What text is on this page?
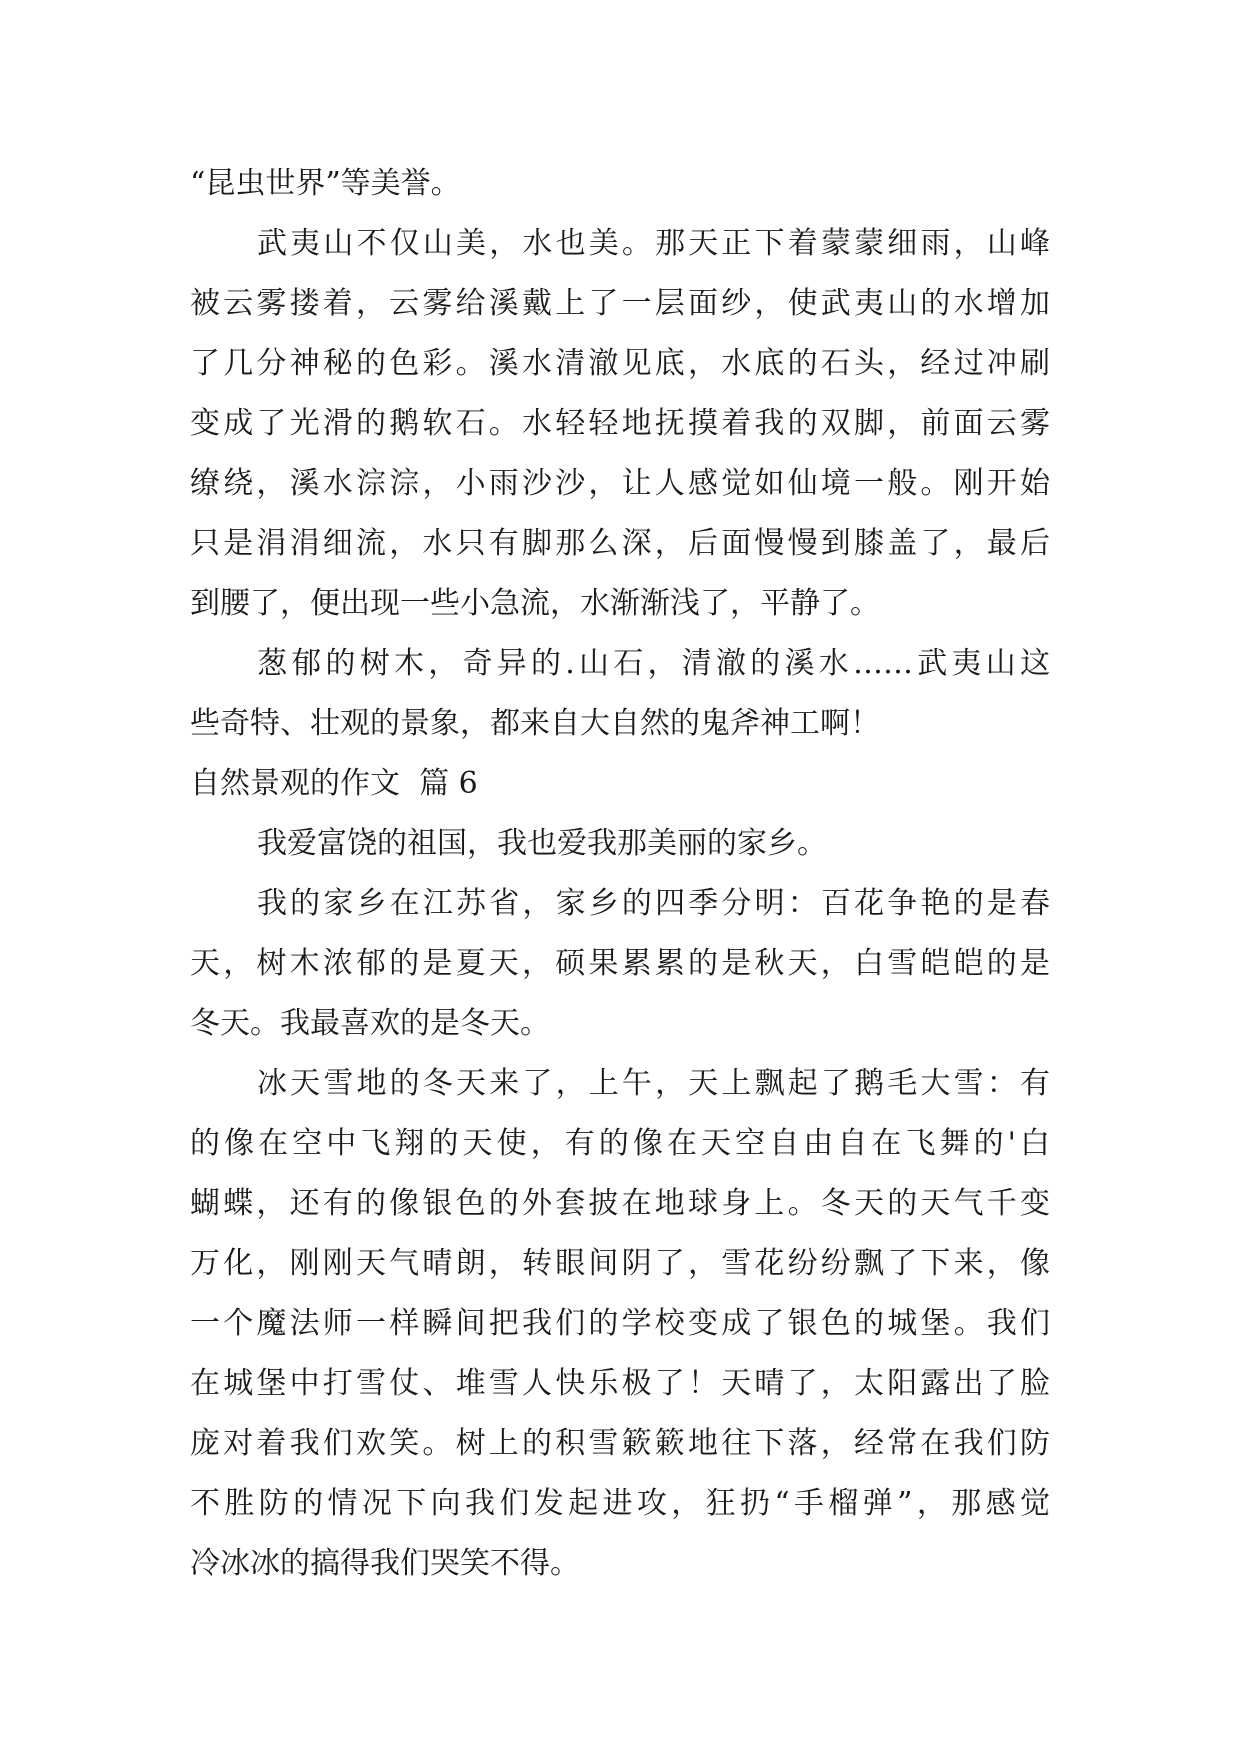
“昆虫世界”等美誉。
武夷山不仅山美，水也美。那天正下着蒙蒙细雨，山峰
被云雾搂着，云雾给溪戴上了一层面纱，使武夷山的水增加
了几分神秘的色彩。溪水清澈见底，水底的石头，经过冲刷
变成了光滑的鹅软石。水轻轻地抚摸着我的双脚，前面云雾
缭绕，溪水淙淙，小雨沙沙，让人感觉如仙境一般。刚开始
只是涓涓细流，水只有脚那么深，后面慢慢到膝盖了，最后
到腰了，便出现一些小急流，水渐渐浅了，平静了。
葱郁的树木，奇异的.山石，清澈的溪水……武夷山这
些奇特、壮观的景象，都来自大自然的鬼斧神工啊！
自然景观的作文  篇 6
我爱富饶的祖国，我也爱我那美丽的家乡。
我的家乡在江苏省，家乡的四季分明：百花争艳的是春
天，树木浓郁的是夏天，硕果累累的是秋天，白雪皑皑的是
冬天。我最喜欢的是冬天。
冰天雪地的冬天来了，上午，天上飘起了鹅毛大雪：有
的像在空中飞翔的天使，有的像在天空自由自在飞舞的'白
蝴蝶，还有的像银色的外套披在地球身上。冬天的天气千变
万化，刚刚天气晴朗，转眼间阴了，雪花纷纷飘了下来，像
一个魔法师一样瞬间把我们的学校变成了银色的城堡。我们
在城堡中打雪仗、堆雪人快乐极了！天晴了，太阳露出了脸
庞对着我们欢笑。树上的积雪簌簌地往下落，经常在我们防
不胜防的情况下向我们发起进攻，狂扔“手榴弹”，那感觉
冷冰冰的搞得我们哭笑不得。
